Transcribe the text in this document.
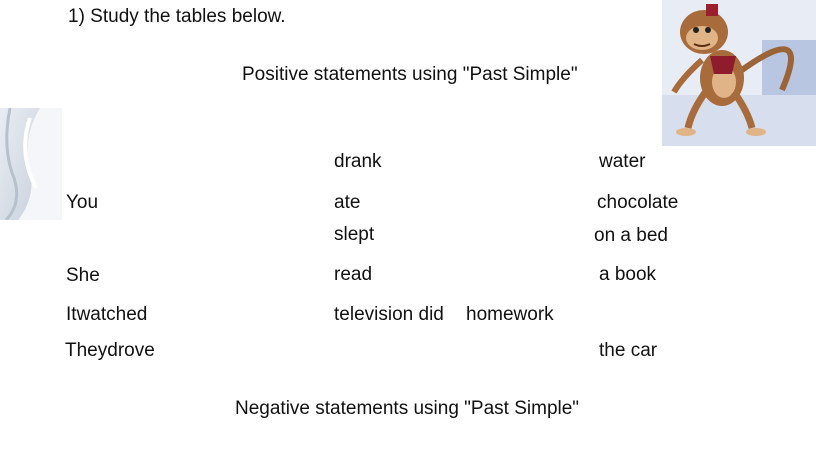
1) Study the tables below.
Positive statements using "Past Simple"
Negative statements using "Past Simple"
You
She
Itwatched
Theydrove
drank
ate
slept
read
television did homework
water
chocolate
on a bed
a book
the car
